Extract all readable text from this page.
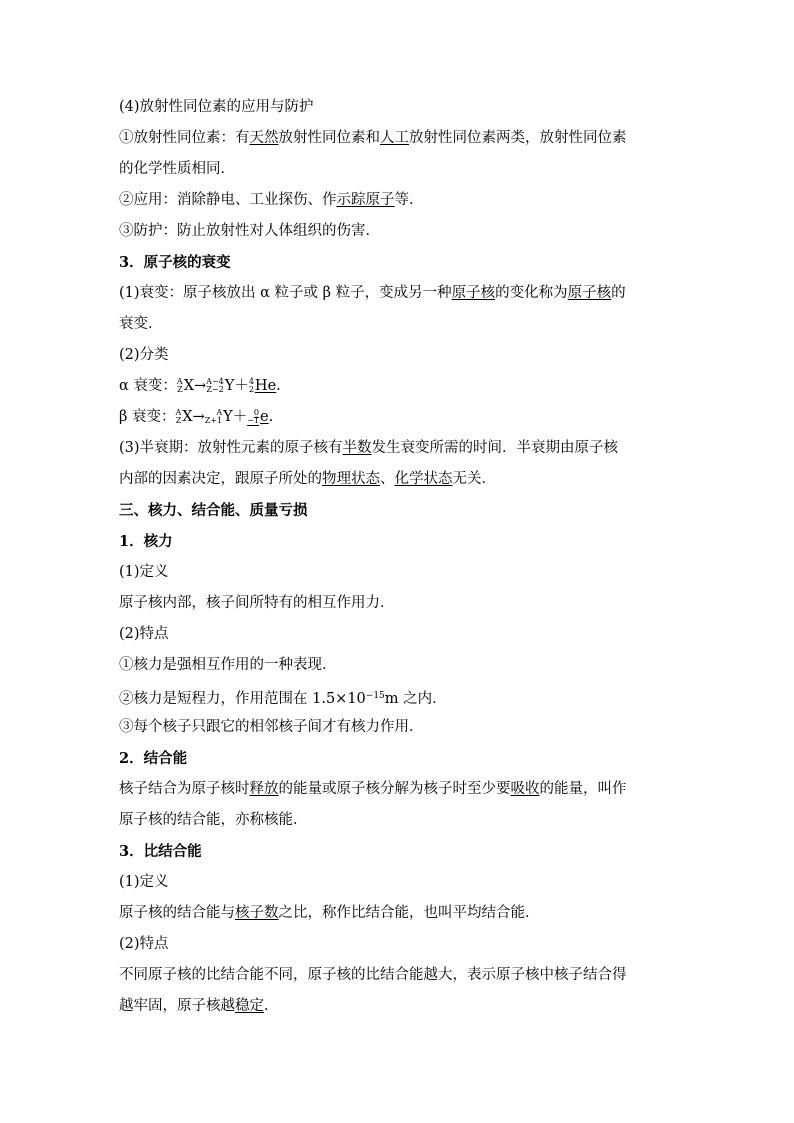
(4)放射性同位素的应用与防护
①放射性同位素：有天然放射性同位素和人工放射性同位素两类，放射性同位素
的化学性质相同．
②应用：消除静电、工业探伤、作示踪原子等．
③防护：防止放射性对人体组织的伤害．
3．原子核的衰变
(1)衰变：原子核放出 α 粒子或 β 粒子，变成另一种原子核的变化称为原子核的
衰变．
(2)分类
α 衰变： A
Z X→ A−4
Z−2 Y＋ 4
2 He.
β 衰变： A
Z X→	A
Z+1 Y＋ 0
−1 e.
(3)半衰期：放射性元素的原子核有半数发生衰变所需的时间．半衰期由原子核
内部的因素决定，跟原子所处的物理状态、化学状态无关．
三、核力、结合能、质量亏损
1．核力
(1)定义
原子核内部，核子间所特有的相互作用力．
(2)特点
①核力是强相互作用的一种表现．
②核力是短程力，作用范围在 $1.5\times 10^{-15}m$ 之内．
③每个核子只跟它的相邻核子间才有核力作用．
2．结合能
核子结合为原子核时释放的能量或原子核分解为核子时至少要吸收的能量，叫作
原子核的结合能，亦称核能．
3．比结合能
(1)定义
原子核的结合能与核子数之比，称作比结合能，也叫平均结合能．
(2)特点
不同原子核的比结合能不同，原子核的比结合能越大，表示原子核中核子结合得
越牢固，原子核越稳定．
